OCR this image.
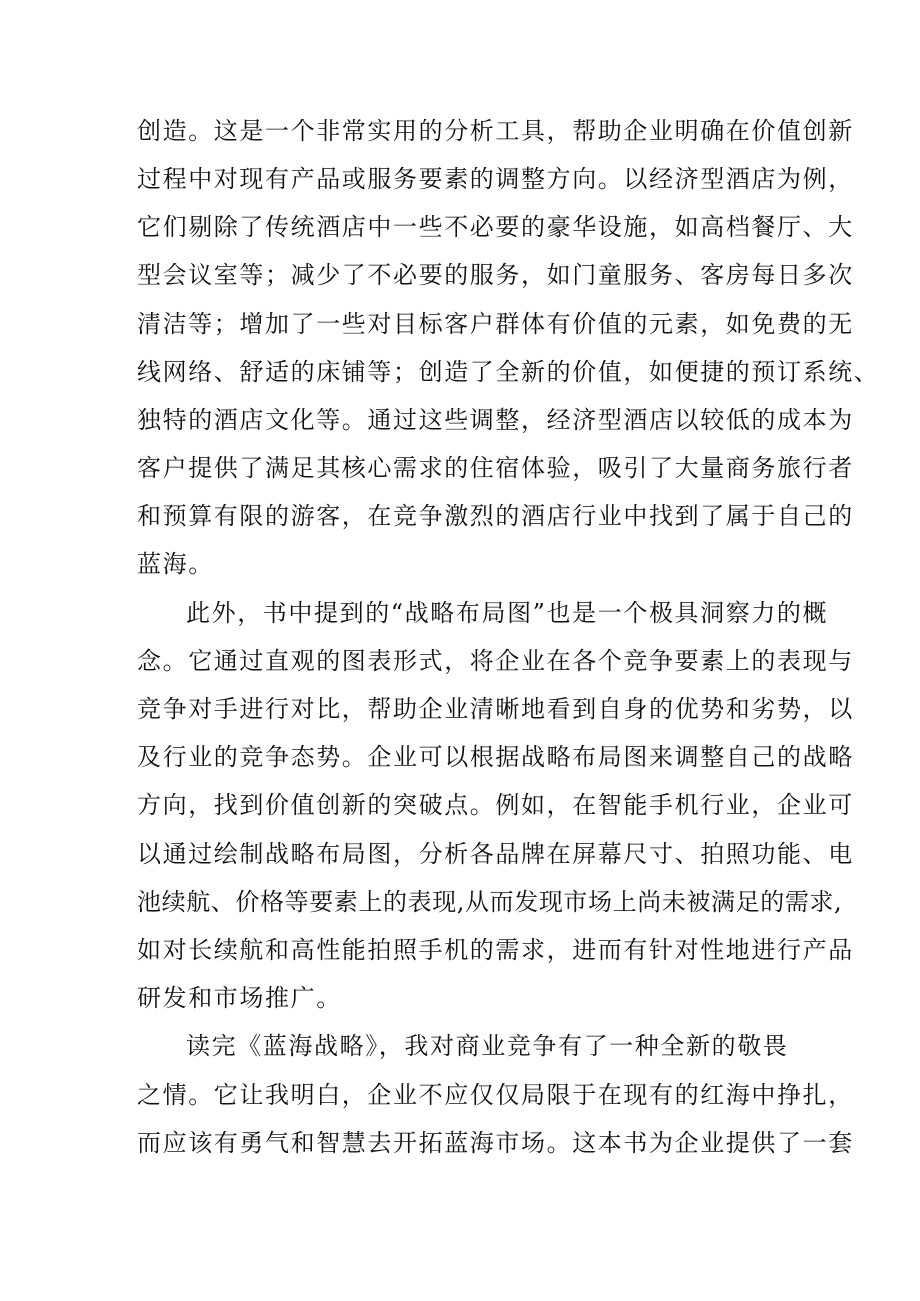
创造。这是一个非常实用的分析工具，帮助企业明确在价值创新
过程中对现有产品或服务要素的调整方向。以经济型酒店为例，
它们剔除了传统酒店中一些不必要的豪华设施，如高档餐厅、大
型会议室等；减少了不必要的服务，如门童服务、客房每日多次
清洁等；增加了一些对目标客户群体有价值的元素，如免费的无
线网络、舒适的床铺等；创造了全新的价值，如便捷的预订系统、
独特的酒店文化等。通过这些调整，经济型酒店以较低的成本为
客户提供了满足其核心需求的住宿体验，吸引了大量商务旅行者
和预算有限的游客，在竞争激烈的酒店行业中找到了属于自己的
蓝海。
此外，书中提到的“战略布局图”也是一个极具洞察力的概
念。它通过直观的图表形式，将企业在各个竞争要素上的表现与
竞争对手进行对比，帮助企业清晰地看到自身的优势和劣势，以
及行业的竞争态势。企业可以根据战略布局图来调整自己的战略
方向，找到价值创新的突破点。例如，在智能手机行业，企业可
以通过绘制战略布局图，分析各品牌在屏幕尺寸、拍照功能、电
池续航、价格等要素上的表现,从而发现市场上尚未被满足的需求,
如对长续航和高性能拍照手机的需求，进而有针对性地进行产品
研发和市场推广。
读完《蓝海战略》，我对商业竞争有了一种全新的敬畏
之情。它让我明白，企业不应仅仅局限于在现有的红海中挣扎，
而应该有勇气和智慧去开拓蓝海市场。这本书为企业提供了一套
